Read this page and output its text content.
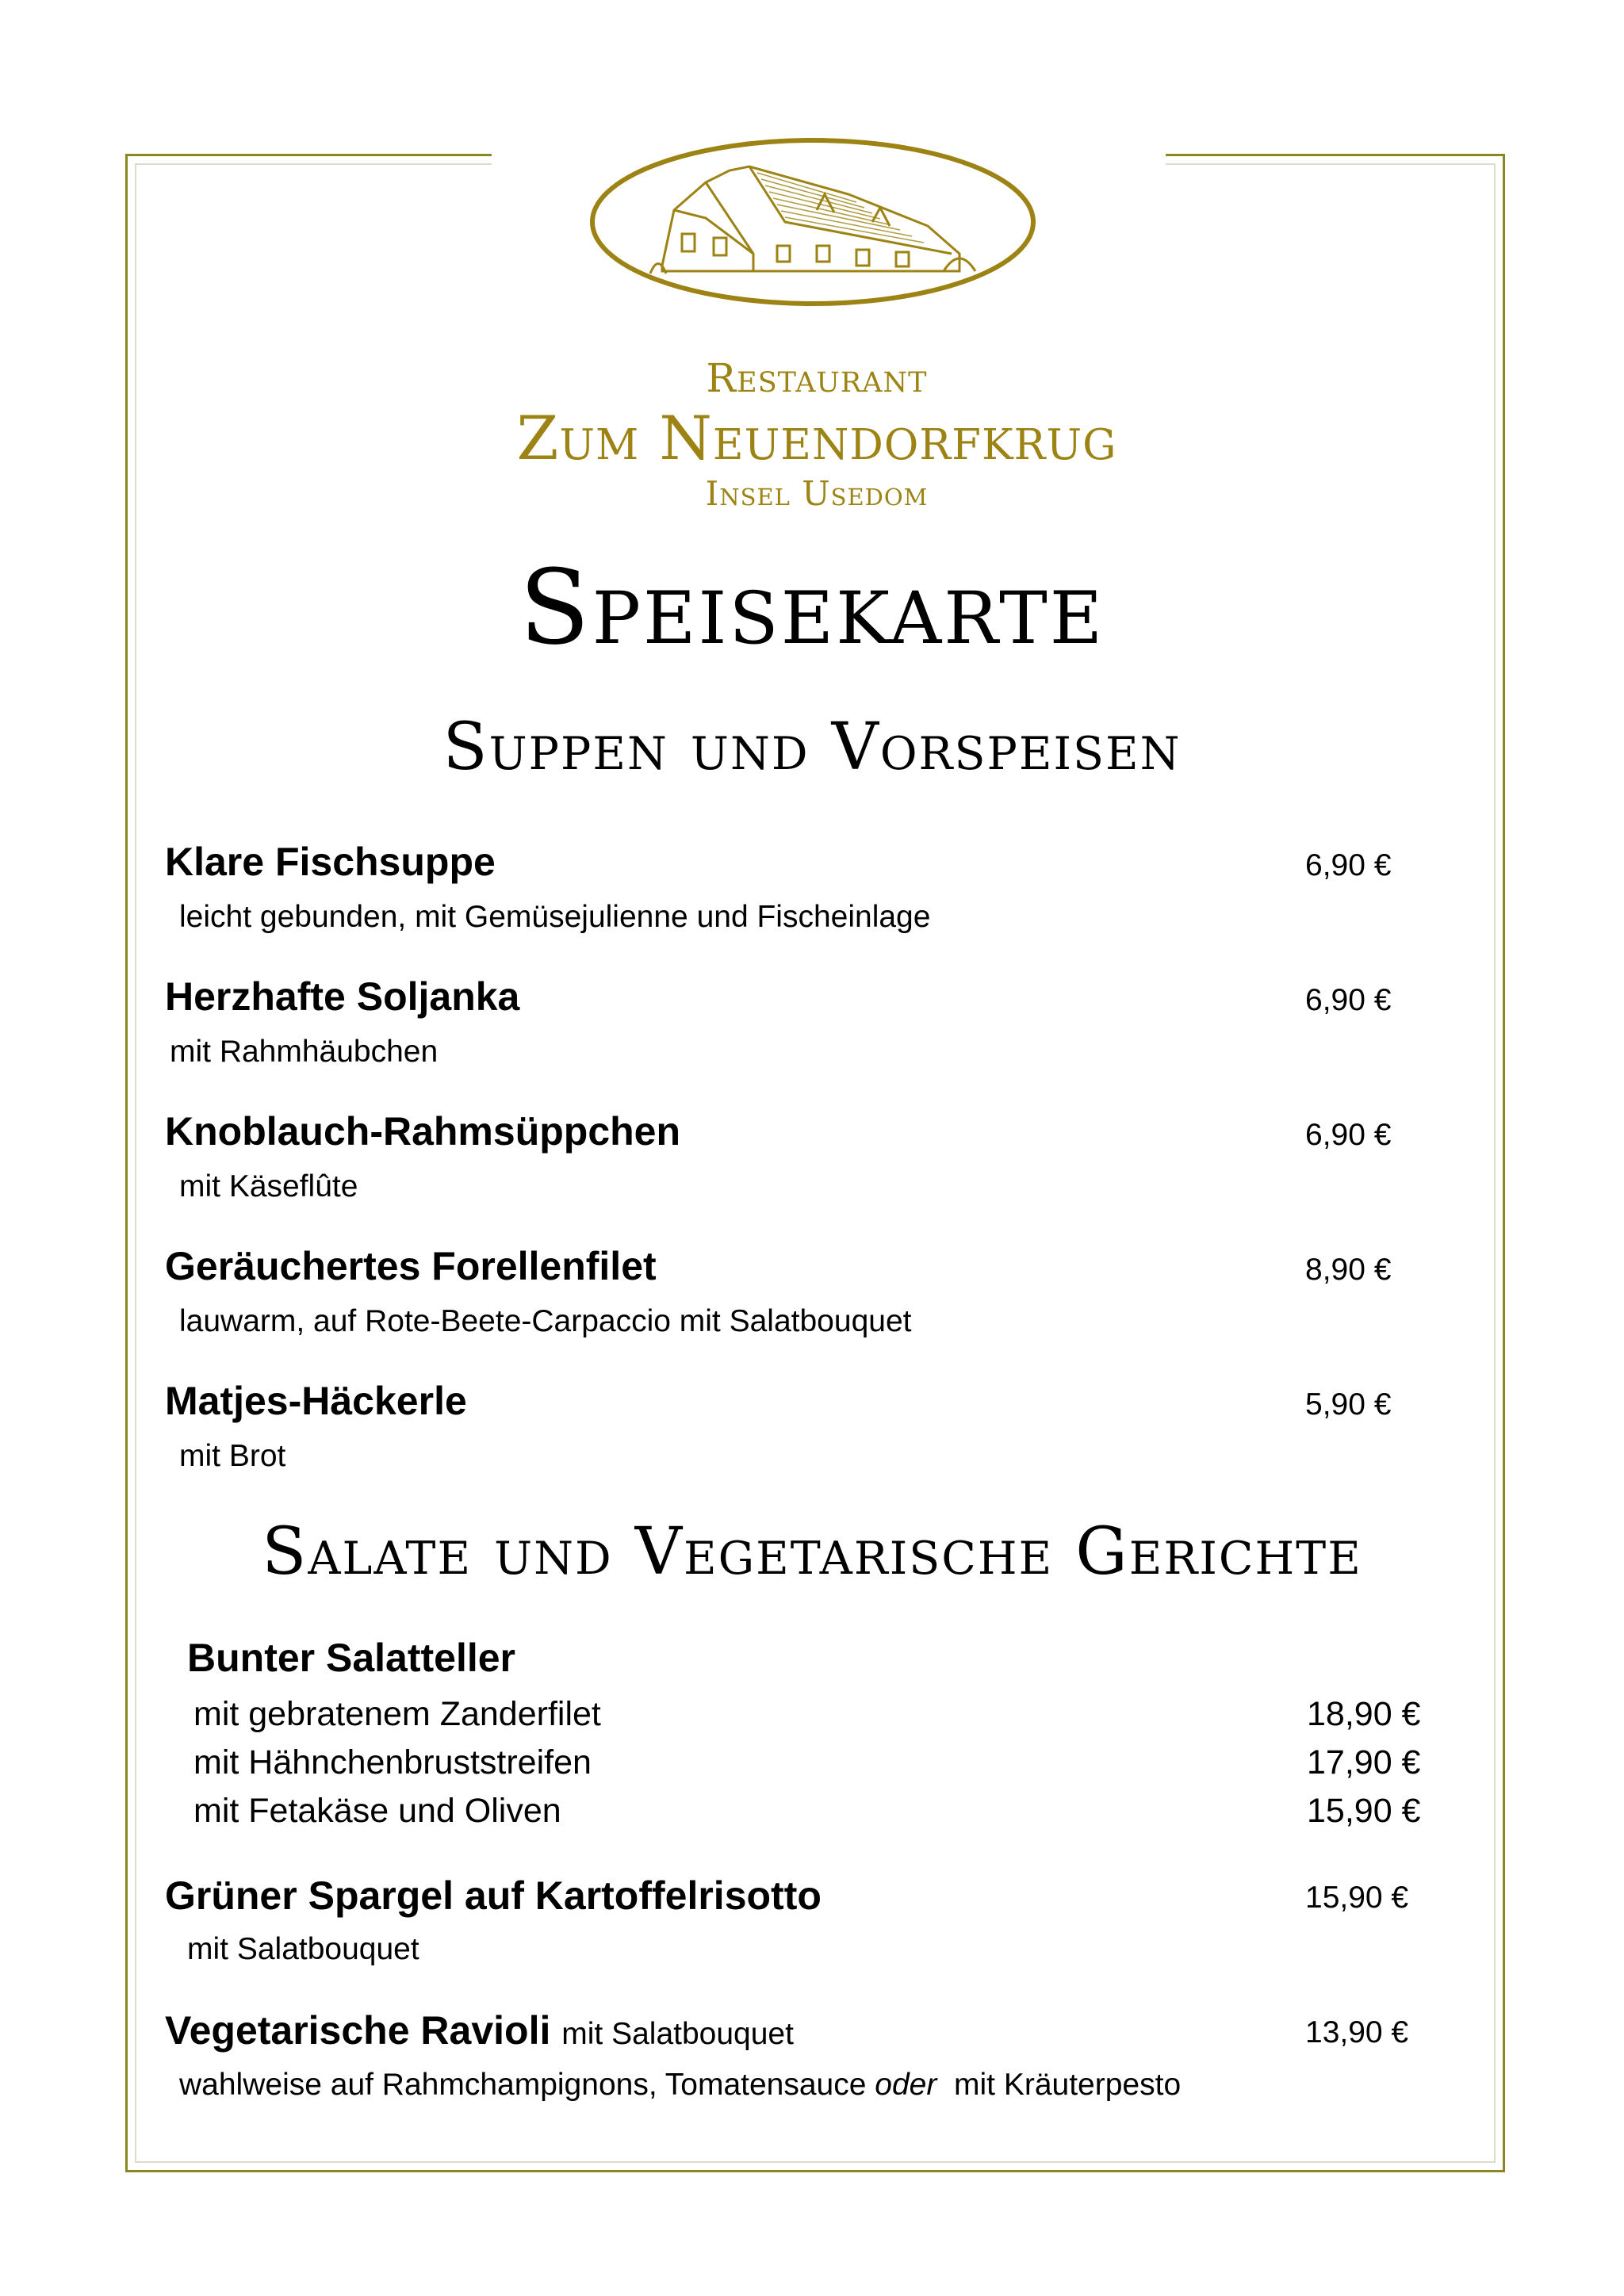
Restaurant
Zum Neuendorfkrug
Insel Usedom
Speisekarte
Suppen und Vorspeisen
Klare Fischsuppe	6,90 €
leicht gebunden, mit Gemüsejulienne und Fischeinlage
Herzhafte Soljanka	6,90 €
mit Rahmhäubchen
Knoblauch-Rahmsüppchen	6,90 €
mit Käseflûte
Geräuchertes Forellenfilet	8,90 €
lauwarm, auf Rote-Beete-Carpaccio mit Salatbouquet
Matjes-Häckerle	5,90 €
mit Brot
Salate und Vegetarische Gerichte
Bunter Salatteller
mit gebratenem Zanderfilet	18,90 €
mit Hähnchenbruststreifen	17,90 €
mit Fetakäse und Oliven	15,90 €
Grüner Spargel auf Kartoffelrisotto	15,90 €
mit Salatbouquet
Vegetarische Ravioli mit Salatbouquet	13,90 €
wahlweise auf Rahmchampignons, Tomatensauce oder mit Kräuterpesto
